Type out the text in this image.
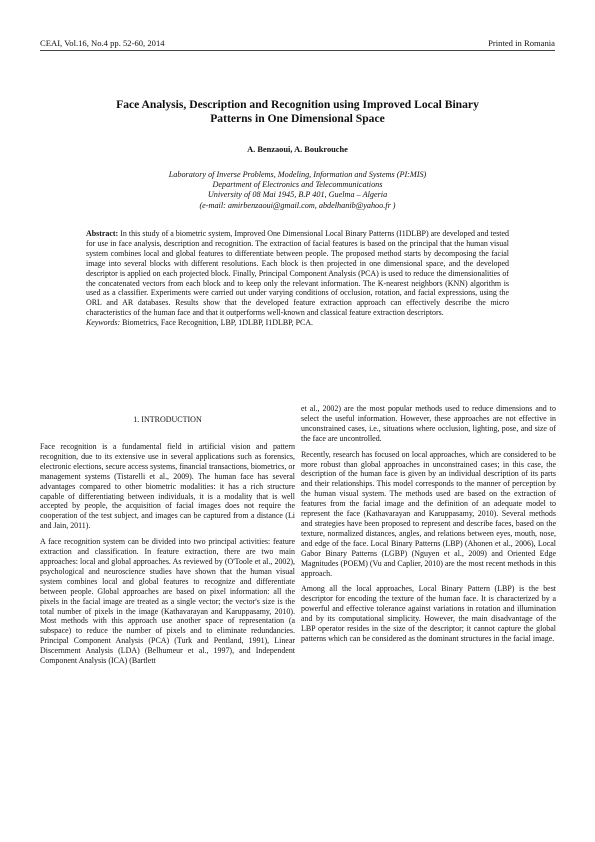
CEAI, Vol.16, No.4 pp. 52-60, 2014	Printed in Romania
Face Analysis, Description and Recognition using Improved Local Binary
Patterns in One Dimensional Space
A. Benzaoui, A. Boukrouche
Laboratory of Inverse Problems, Modeling, Information and Systems (PI:MIS)
Department of Electronics and Telecommunications
University of 08 Mai 1945, B.P 401, Guelma – Algeria
(e-mail: amirbenzaoui@gmail.com, abdelhanib@yahoo.fr )
Abstract: In this study of a biometric system, Improved One Dimensional Local Binary Patterns (I1DLBP) are developed and tested for use in face analysis, description and recognition. The extraction of facial features is based on the principal that the human visual system combines local and global features to differentiate between people. The proposed method starts by decomposing the facial image into several blocks with different resolutions. Each block is then projected in one dimensional space, and the developed descriptor is applied on each projected block. Finally, Principal Component Analysis (PCA) is used to reduce the dimensionalities of the concatenated vectors from each block and to keep only the relevant information. The K-nearest neighbors (KNN) algorithm is used as a classifier. Experiments were carried out under varying conditions of occlusion, rotation, and facial expressions, using the ORL and AR databases. Results show that the developed feature extraction approach can effectively describe the micro characteristics of the human face and that it outperforms well-known and classical feature extraction descriptors.
Keywords: Biometrics, Face Recognition, LBP, 1DLBP, I1DLBP, PCA.
1. INTRODUCTION

Face recognition is a fundamental field in artificial vision and pattern recognition, due to its extensive use in several applications such as forensics, electronic elections, secure access systems, financial transactions, biometrics, or management systems (Tistarelli et al., 2009). The human face has several advantages compared to other biometric modalities: it has a rich structure capable of differentiating between individuals, it is a modality that is well accepted by people, the acquisition of facial images does not require the cooperation of the test subject, and images can be captured from a distance (Li and Jain, 2011).

A face recognition system can be divided into two principal activities: feature extraction and classification. In feature extraction, there are two main approaches: local and global approaches. As reviewed by (O'Toole et al., 2002), psychological and neuroscience studies have shown that the human visual system combines local and global features to recognize and differentiate between people. Global approaches are based on pixel information: all the pixels in the facial image are treated as a single vector; the vector's size is the total number of pixels in the image (Kathavarayan and Karuppasamy, 2010). Most methods with this approach use another space of representation (a subspace) to reduce the number of pixels and to eliminate redundancies. Principal Component Analysis (PCA) (Turk and Pentland, 1991), Linear Discernment Analysis (LDA) (Belhumeur et al., 1997), and Independent Component Analysis (ICA) (Bartlett

et al., 2002) are the most popular methods used to reduce dimensions and to select the useful information. However, these approaches are not effective in unconstrained cases, i.e., situations where occlusion, lighting, pose, and size of the face are uncontrolled.

Recently, research has focused on local approaches, which are considered to be more robust than global approaches in unconstrained cases; in this case, the description of the human face is given by an individual description of its parts and their relationships. This model corresponds to the manner of perception by the human visual system. The methods used are based on the extraction of features from the facial image and the definition of an adequate model to represent the face (Kathavarayan and Karuppasamy, 2010). Several methods and strategies have been proposed to represent and describe faces, based on the texture, normalized distances, angles, and relations between eyes, mouth, nose, and edge of the face. Local Binary Patterns (LBP) (Ahonen et al., 2006), Local Gabor Binary Patterns (LGBP) (Nguyen et al., 2009) and Oriented Edge Magnitudes (POEM) (Vu and Caplier, 2010) are the most recent methods in this approach.

Among all the local approaches, Local Binary Pattern (LBP) is the best descriptor for encoding the texture of the human face. It is characterized by a powerful and effective tolerance against variations in rotation and illumination and by its computational simplicity. However, the main disadvantage of the LBP operator resides in the size of the descriptor; it cannot capture the global patterns which can be considered as the dominant structures in the facial image.
